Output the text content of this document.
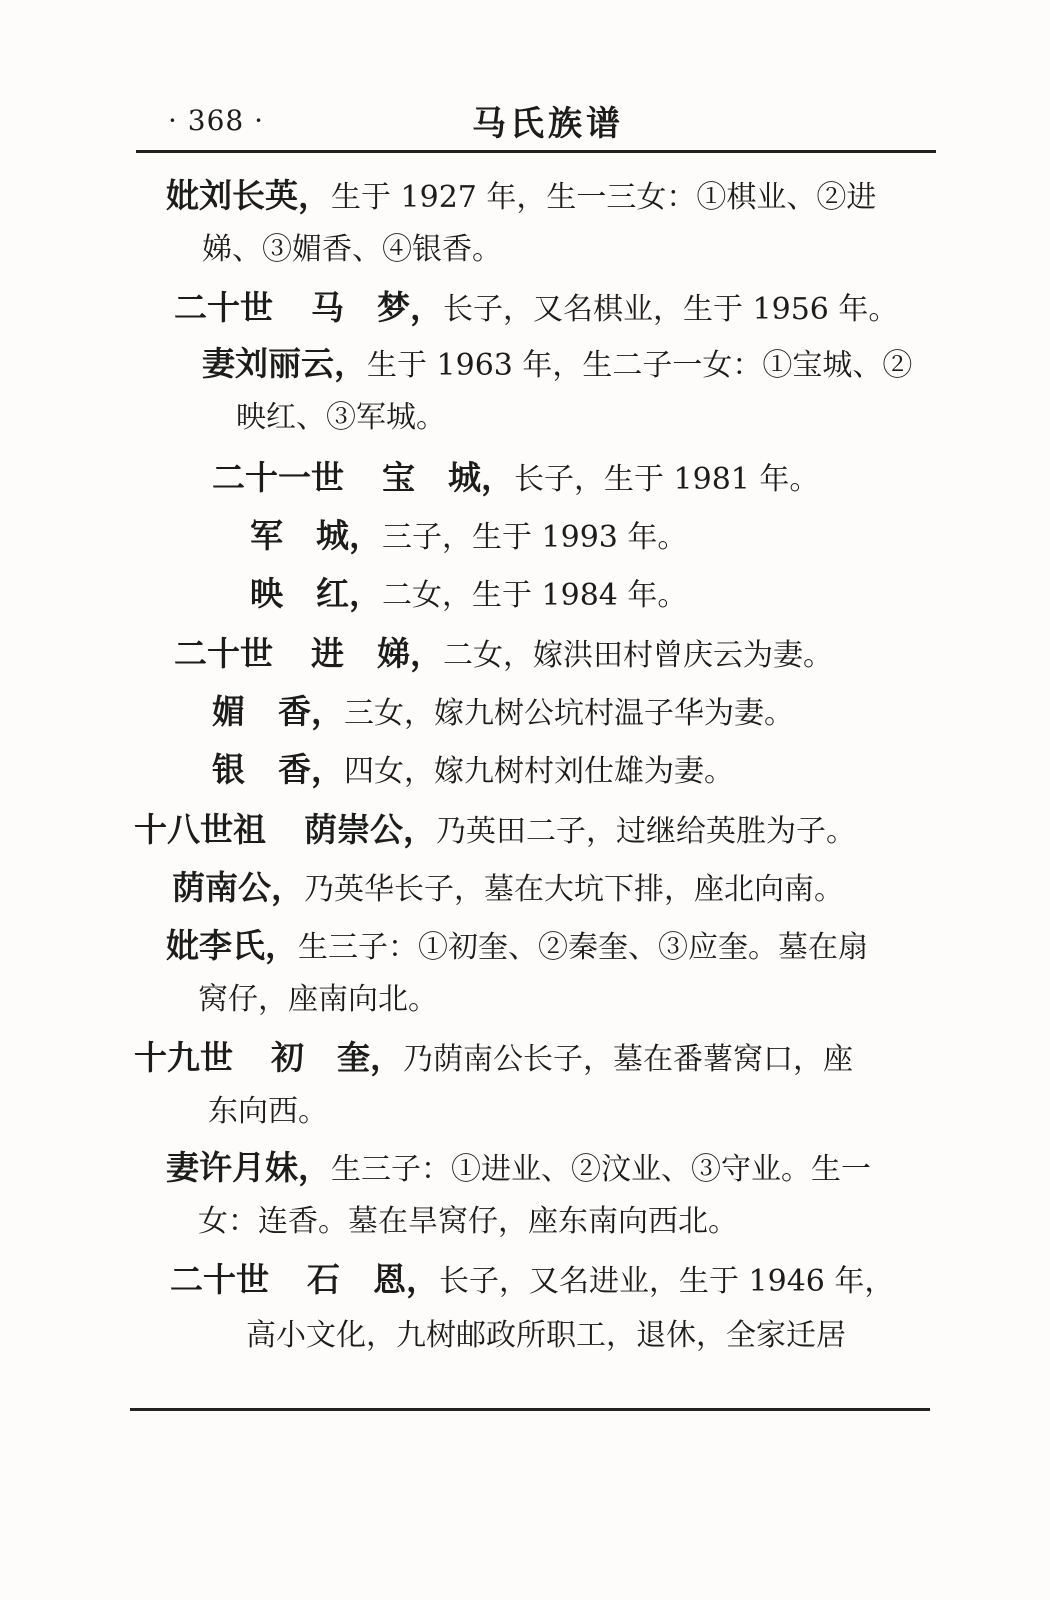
· 368 ·	马氏族谱
妣刘长英，生于 1927 年，生一三女：①棋业、②进
娣、③媚香、④银香。
二十世 马　梦，长子，又名棋业，生于 1956 年。
妻刘丽云，生于 1963 年，生二子一女：①宝城、②
映红、③军城。
二十一世 宝　城，长子，生于 1981 年。
军　城，三子，生于 1993 年。
映　红，二女，生于 1984 年。
二十世 进　娣，二女，嫁洪田村曾庆云为妻。
媚　香，三女，嫁九树公坑村温子华为妻。
银　香，四女，嫁九树村刘仕雄为妻。
十八世祖 荫崇公，乃英田二子，过继给英胜为子。
荫南公，乃英华长子，墓在大坑下排，座北向南。
妣李氏，生三子：①初奎、②秦奎、③应奎。墓在扇
窝仔，座南向北。
十九世 初　奎，乃荫南公长子，墓在番薯窝口，座
东向西。
妻许月妹，生三子：①进业、②汶业、③守业。生一
女：连香。墓在旱窝仔，座东南向西北。
二十世 石　恩，长子，又名进业，生于 1946 年，
高小文化，九树邮政所职工，退休，全家迁居
